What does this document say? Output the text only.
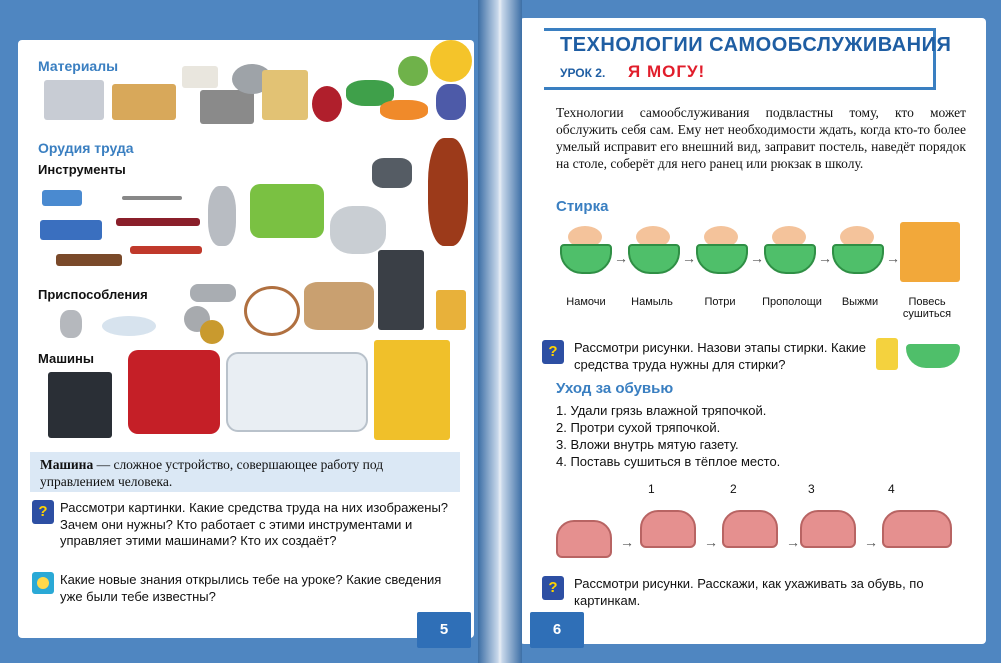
Материалы
Орудия труда
Инструменты
Приспособления
Машины
Машина — сложное устройство, совершающее работу под управлением человека.
? Рассмотри картинки. Какие средства труда на них изображены? Зачем они нужны? Кто работает с этими инструментами и управляет этими машинами? Кто их создаёт?
Какие новые знания открылись тебе на уроке? Какие сведения уже были тебе известны?
5
ТЕХНОЛОГИИ САМООБСЛУЖИВАНИЯ
УРОК 2. Я МОГУ!
Технологии самообслуживания подвластны тому, кто может обслужить себя сам. Ему нет необходимости ждать, когда кто-то более умелый исправит его внешний вид, заправит постель, наведёт порядок на столе, соберёт для него ранец или рюкзак в школу.
Стирка
→	→	→	→	→
Намочи	Намыль	Потри	Прополощи	Выжми	Повесь сушиться
?	Рассмотри рисунки. Назови этапы стирки. Какие средства труда нужны для стирки?
Уход за обувью
1. Удали грязь влажной тряпочкой.
2. Протри сухой тряпочкой.
3. Вложи внутрь мятую газету.
4. Поставь сушиться в тёплое место.
→
1
→
2
→
3
→
4
?	Рассмотри рисунки. Расскажи, как ухаживать за обувь, по картинкам.
6
